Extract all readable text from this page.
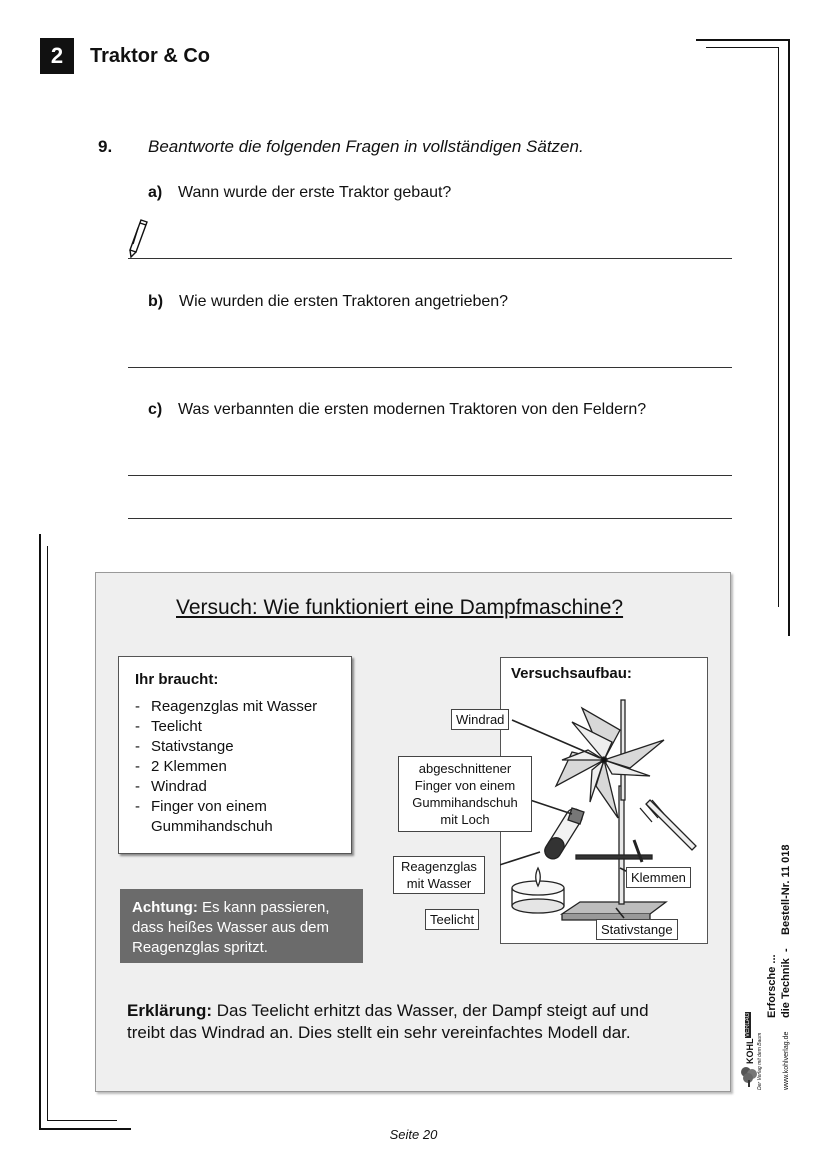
2	Traktor & Co
9. Beantworte die folgenden Fragen in vollständigen Sätzen.
a) Wann wurde der erste Traktor gebaut?
b) Wie wurden die ersten Traktoren angetrieben?
c) Was verbannten die ersten modernen Traktoren von den Feldern?
Versuch: Wie funktioniert eine Dampfmaschine?
Ihr braucht:
- Reagenzglas mit Wasser
- Teelicht
- Stativstange
- 2 Klemmen
- Windrad
- Finger von einem Gummihandschuh
Achtung: Es kann passieren, dass heißes Wasser aus dem Reagenzglas spritzt.
Versuchsaufbau:
Windrad
abgeschnittener
Finger von einem
Gummihandschuh
mit Loch
Reagenzglas
mit Wasser
Teelicht
Klemmen
Stativstange
Erklärung: Das Teelicht erhitzt das Wasser, der Dampf steigt auf und treibt das Windrad an. Dies stellt ein sehr vereinfachtes Modell dar.
Bestell-Nr. 11 018
-
die Technik
Erforsche ...
KOHL
VERLAG
Der Verlag mit dem Baum	www.kohlverlag.de
Seite 20
